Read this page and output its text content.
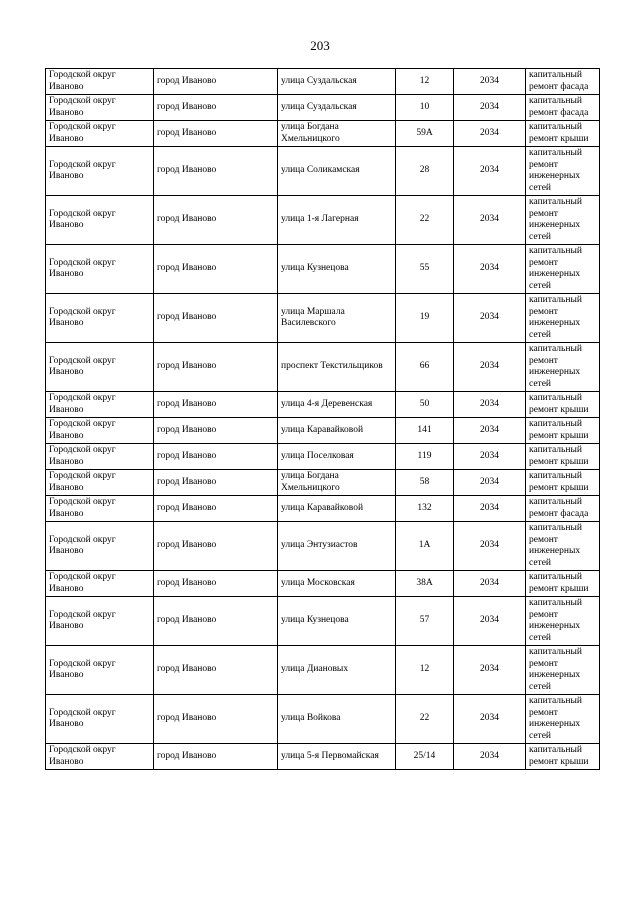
203
Городской округ Иваново	город Иваново	улица Суздальская	12	2034	капитальный ремонт фасада
Городской округ Иваново	город Иваново	улица Суздальская	10	2034	капитальный ремонт фасада
Городской округ Иваново	город Иваново	улица Богдана Хмельницкого	59А	2034	капитальный ремонт крыши
Городской округ Иваново	город Иваново	улица Соликамская	28	2034	капитальный ремонт инженерных сетей
Городской округ Иваново	город Иваново	улица 1-я Лагерная	22	2034	капитальный ремонт инженерных сетей
Городской округ Иваново	город Иваново	улица Кузнецова	55	2034	капитальный ремонт инженерных сетей
Городской округ Иваново	город Иваново	улица Маршала Василевского	19	2034	капитальный ремонт инженерных сетей
Городской округ Иваново	город Иваново	проспект Текстильщиков	66	2034	капитальный ремонт инженерных сетей
Городской округ Иваново	город Иваново	улица 4-я Деревенская	50	2034	капитальный ремонт крыши
Городской округ Иваново	город Иваново	улица Каравайковой	141	2034	капитальный ремонт крыши
Городской округ Иваново	город Иваново	улица Поселковая	119	2034	капитальный ремонт крыши
Городской округ Иваново	город Иваново	улица Богдана Хмельницкого	58	2034	капитальный ремонт крыши
Городской округ Иваново	город Иваново	улица Каравайковой	132	2034	капитальный ремонт фасада
Городской округ Иваново	город Иваново	улица Энтузиастов	1А	2034	капитальный ремонт инженерных сетей
Городской округ Иваново	город Иваново	улица Московская	38А	2034	капитальный ремонт крыши
Городской округ Иваново	город Иваново	улица Кузнецова	57	2034	капитальный ремонт инженерных сетей
Городской округ Иваново	город Иваново	улица Диановых	12	2034	капитальный ремонт инженерных сетей
Городской округ Иваново	город Иваново	улица Войкова	22	2034	капитальный ремонт инженерных сетей
Городской округ Иваново	город Иваново	улица 5-я Первомайская	25/14	2034	капитальный ремонт крыши
